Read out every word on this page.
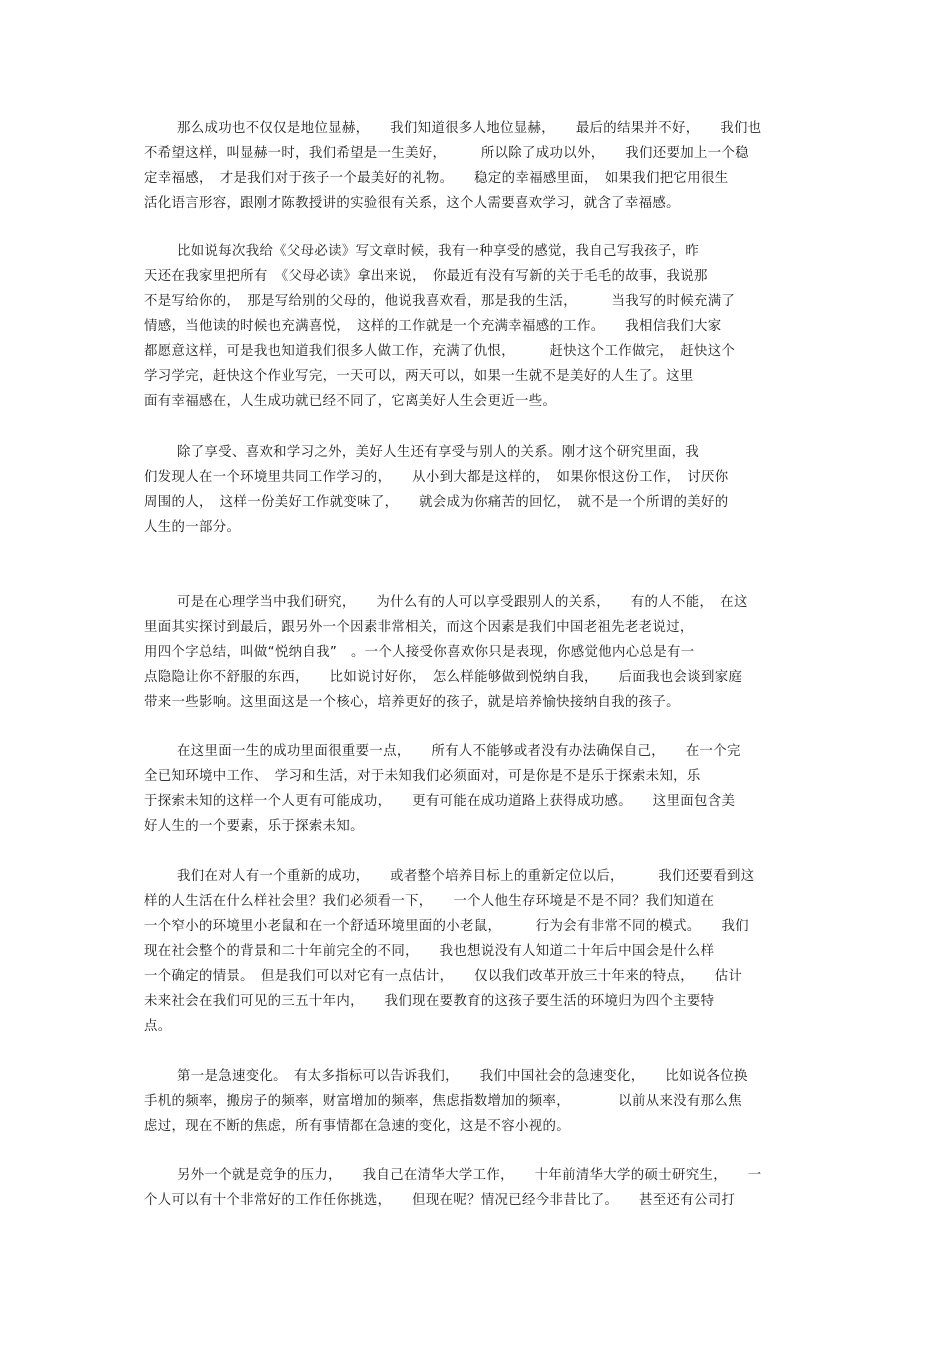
那么成功也不仅仅是地位显赫，　　我们知道很多人地位显赫，　　最后的结果并不好，　　我们也
不希望这样，叫显赫一时，我们希望是一生美好，　　　所以除了成功以外，　　我们还要加上一个稳
定幸福感，　才是我们对于孩子一个最美好的礼物。　　稳定的幸福感里面，　如果我们把它用很生
活化语言形容，跟刚才陈教授讲的实验很有关系，这个人需要喜欢学习，就含了幸福感。
比如说每次我给《父母必读》写文章时候，我有一种享受的感觉，我自己写我孩子，昨
天还在我家里把所有　《父母必读》拿出来说，　你最近有没有写新的关于毛毛的故事，我说那
不是写给你的，　那是写给别的父母的，他说我喜欢看，那是我的生活，　　　当我写的时候充满了
情感，当他读的时候也充满喜悦，　这样的工作就是一个充满幸福感的工作。　　我相信我们大家
都愿意这样，可是我也知道我们很多人做工作，充满了仇恨，　　　赶快这个工作做完，　赶快这个
学习学完，赶快这个作业写完，一天可以，两天可以，如果一生就不是美好的人生了。这里
面有幸福感在，人生成功就已经不同了，它离美好人生会更近一些。
除了享受、喜欢和学习之外，美好人生还有享受与别人的关系。刚才这个研究里面，我
们发现人在一个环境里共同工作学习的，　　从小到大都是这样的，　如果你恨这份工作，　讨厌你
周围的人，　这样一份美好工作就变味了，　　就会成为你痛苦的回忆，　就不是一个所谓的美好的
人生的一部分。
可是在心理学当中我们研究，　　为什么有的人可以享受跟别人的关系，　　有的人不能，　在这
里面其实探讨到最后，跟另外一个因素非常相关，而这个因素是我们中国老祖先老老说过，
用四个字总结，叫做“悦纳自我”　。一个人接受你喜欢你只是表现，你感觉他内心总是有一
点隐隐让你不舒服的东西，　　比如说讨好你，　怎么样能够做到悦纳自我，　　后面我也会谈到家庭
带来一些影响。这里面这是一个核心，培养更好的孩子，就是培养愉快接纳自我的孩子。
在这里面一生的成功里面很重要一点，　　所有人不能够或者没有办法确保自己，　　在一个完
全已知环境中工作、　学习和生活，对于未知我们必须面对，可是你是不是乐于探索未知，乐
于探索未知的这样一个人更有可能成功，　　更有可能在成功道路上获得成功感。　　这里面包含美
好人生的一个要素，乐于探索未知。
我们在对人有一个重新的成功，　　或者整个培养目标上的重新定位以后，　　　我们还要看到这
样的人生活在什么样社会里？我们必须看一下，　　一个人他生存环境是不是不同？我们知道在
一个窄小的环境里小老鼠和在一个舒适环境里面的小老鼠，　　　行为会有非常不同的模式。　　我们
现在社会整个的背景和二十年前完全的不同，　　我也想说没有人知道二十年后中国会是什么样
一个确定的情景。　但是我们可以对它有一点估计，　　仅以我们改革开放三十年来的特点，　　估计
未来社会在我们可见的三五十年内，　　我们现在要教育的这孩子要生活的环境归为四个主要特
点。
第一是急速变化。　有太多指标可以告诉我们，　　我们中国社会的急速变化，　　比如说各位换
手机的频率，搬房子的频率，财富增加的频率，焦虑指数增加的频率，　　　　以前从来没有那么焦
虑过，现在不断的焦虑，所有事情都在急速的变化，这是不容小视的。
另外一个就是竞争的压力，　　我自己在清华大学工作，　　十年前清华大学的硕士研究生，　　一
个人可以有十个非常好的工作任你挑选，　　但现在呢？情况已经今非昔比了。　　甚至还有公司打
